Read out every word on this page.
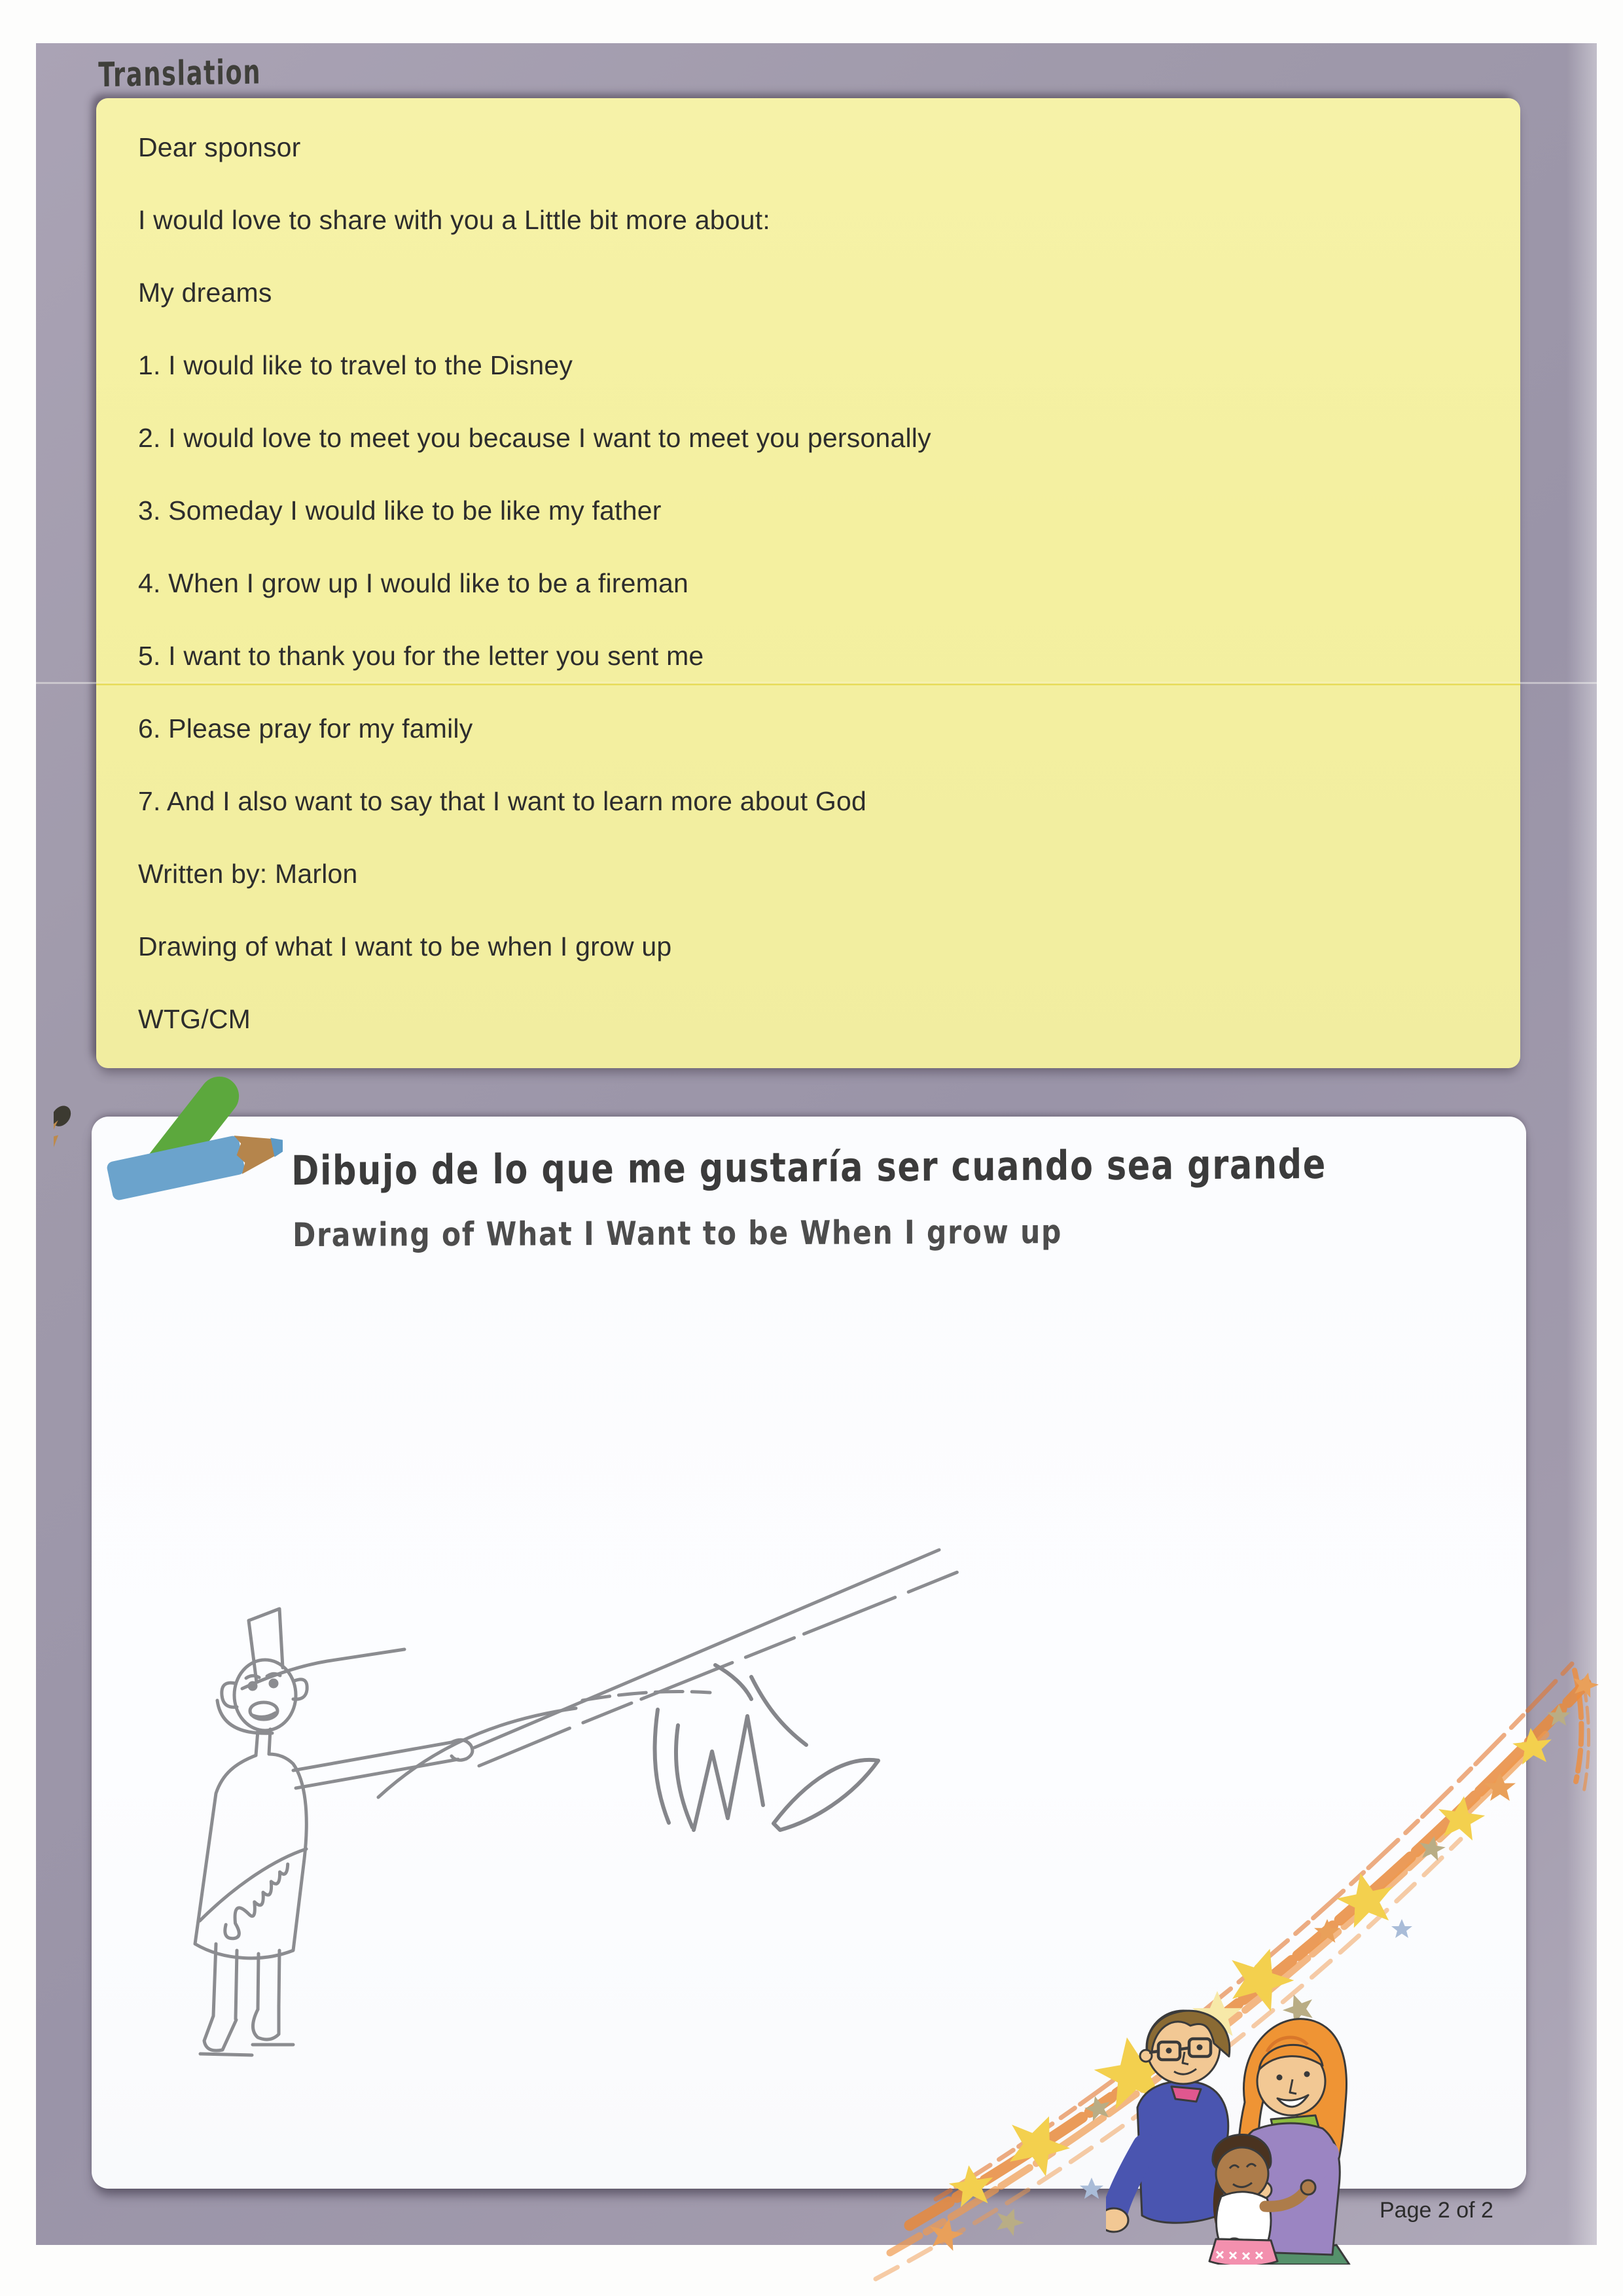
Translation
Dear sponsor
I would love to share with you a Little bit more about:
My dreams
1. I would like to travel to the Disney
2. I would love to meet you because I want to meet you personally
3. Someday I would like to be like my father
4. When I grow up I would like to be a fireman
5. I want to thank you for the letter you sent me
6. Please pray for my family
7. And I also want to say that I want to learn more about God
Written by: Marlon
Drawing of what I want to be when I grow up
WTG/CM
Dibujo de lo que me gustaría ser cuando sea grande
Drawing of What I Want to be When I grow up
Page 2 of 2
